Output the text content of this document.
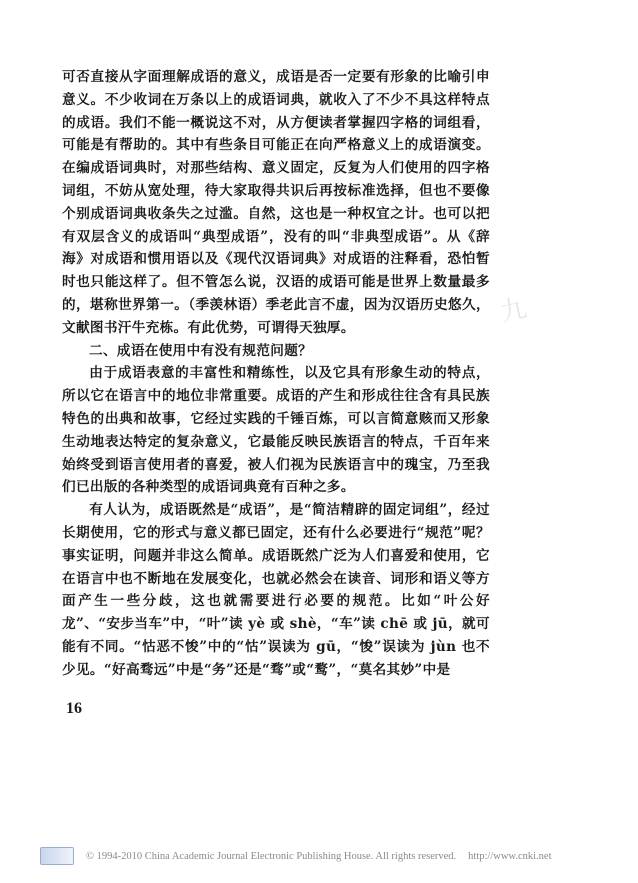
九

可否直接从字面理解成语的意义，成语是否一定要有形象的比喻引申意义。不少收词在万条以上的成语词典，就收入了不少不具这样特点的成语。我们不能一概说这不对，从方便读者掌握四字格的词组看，可能是有帮助的。其中有些条目可能正在向严格意义上的成语演变。在编成语词典时，对那些结构、意义固定，反复为人们使用的四字格词组，不妨从宽处理，待大家取得共识后再按标准选择，但也不要像个别成语词典收条失之过滥。自然，这也是一种权宜之计。也可以把有双层含义的成语叫“典型成语”，没有的叫“非典型成语”。从《辞海》对成语和惯用语以及《现代汉语词典》对成语的注释看，恐怕暂时也只能这样了。但不管怎么说，汉语的成语可能是世界上数量最多的，堪称世界第一。（季羡林语）季老此言不虚，因为汉语历史悠久，文献图书汗牛充栋。有此优势，可谓得天独厚。

二、成语在使用中有没有规范问题？

由于成语表意的丰富性和精练性，以及它具有形象生动的特点，所以它在语言中的地位非常重要。成语的产生和形成往往含有具民族特色的出典和故事，它经过实践的千锤百炼，可以言简意赅而又形象生动地表达特定的复杂意义，它最能反映民族语言的特点，千百年来始终受到语言使用者的喜爱，被人们视为民族语言中的瑰宝，乃至我们已出版的各种类型的成语词典竟有百种之多。

有人认为，成语既然是“成语”，是“简洁精辟的固定词组”，经过长期使用，它的形式与意义都已固定，还有什么必要进行“规范”呢？事实证明，问题并非这么简单。成语既然广泛为人们喜爱和使用，它在语言中也不断地在发展变化，也就必然会在读音、词形和语义等方面产生一些分歧，这也就需要进行必要的规范。比如“叶公好龙”、“安步当车”中，“叶”读 yè 或 shè，“车”读 chē 或 jū，就可能有不同。“怙恶不悛”中的“怙”误读为 gū，“悛”误读为 jùn 也不少见。“好高骛远”中是“务”还是“骛”或“鹜”，“莫名其妙”中是

16
© 1994-2010 China Academic Journal Electronic Publishing House. All rights reserved. http://www.cnki.net
